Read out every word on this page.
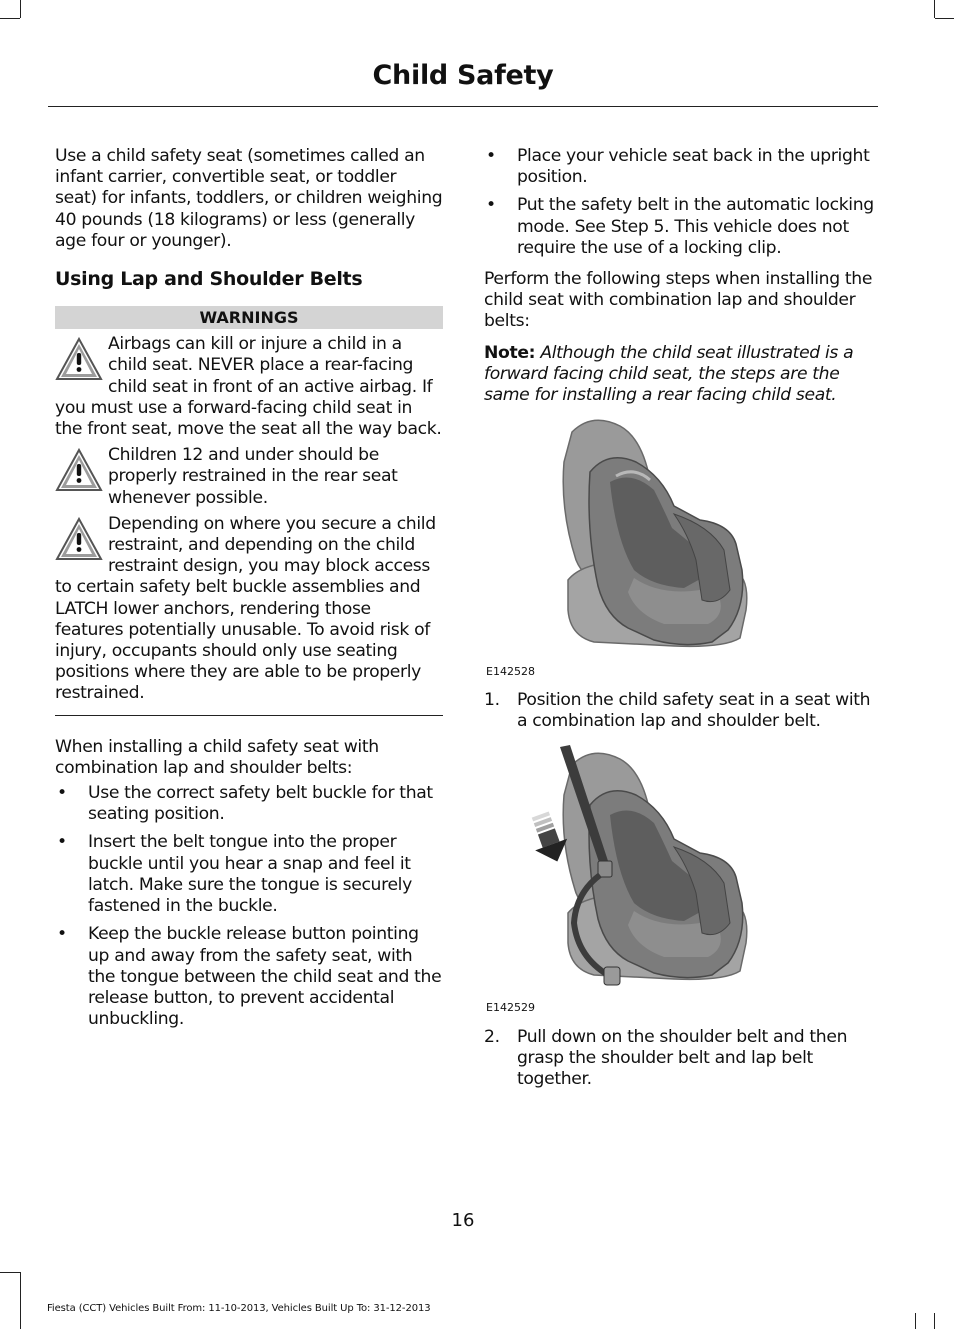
Child Safety

Use a child safety seat (sometimes called an infant carrier, convertible seat, or toddler seat) for infants, toddlers, or children weighing 40 pounds (18 kilograms) or less (generally age four or younger).

Using Lap and Shoulder Belts
WARNINGS
Airbags can kill or injure a child in a child seat. NEVER place a rear-facing child seat in front of an active airbag. If you must use a forward-facing child seat in the front seat, move the seat all the way back.
Children 12 and under should be properly restrained in the rear seat whenever possible.
Depending on where you secure a child restraint, and depending on the child restraint design, you may block access to certain safety belt buckle assemblies and LATCH lower anchors, rendering those features potentially unusable. To avoid risk of injury, occupants should only use seating positions where they are able to be properly restrained.

When installing a child safety seat with combination lap and shoulder belts:

• Use the correct safety belt buckle for that seating position.
• Insert the belt tongue into the proper buckle until you hear a snap and feel it latch. Make sure the tongue is securely fastened in the buckle.
• Keep the buckle release button pointing up and away from the safety seat, with the tongue between the child seat and the release button, to prevent accidental unbuckling.
• Place your vehicle seat back in the upright position.
• Put the safety belt in the automatic locking mode. See Step 5. This vehicle does not require the use of a locking clip.

Perform the following steps when installing the child seat with combination lap and shoulder belts:

Note: Although the child seat illustrated is a forward facing child seat, the steps are the same for installing a rear facing child seat.

E142528
1. Position the child safety seat in a seat with a combination lap and shoulder belt.
E142529
2. Pull down on the shoulder belt and then grasp the shoulder belt and lap belt together.
16
Fiesta (CCT) Vehicles Built From: 11-10-2013, Vehicles Built Up To: 31-12-2013
